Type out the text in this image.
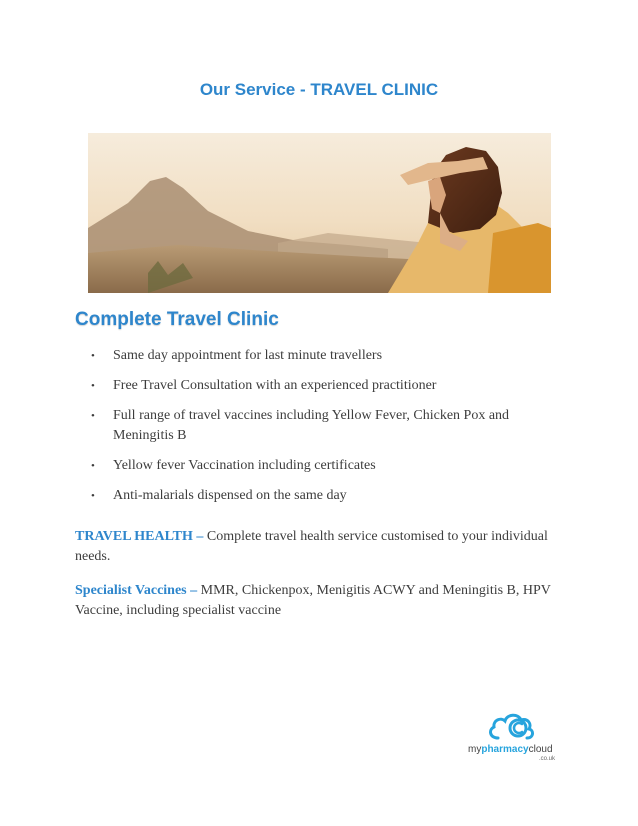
Our Service - TRAVEL CLINIC
Complete Travel Clinic
• Same day appointment for last minute travellers
• Free Travel Consultation with an experienced practitioner
• Full range of travel vaccines including Yellow Fever, Chicken Pox and Meningitis B
• Yellow fever Vaccination including certificates
• Anti-malarials dispensed on the same day

TRAVEL HEALTH – Complete travel health service customised to your individual needs.

Specialist Vaccines – MMR, Chickenpox, Menigitis ACWY and Meningitis B, HPV Vaccine, including specialist vaccine

mypharmacycloud
.co.uk
